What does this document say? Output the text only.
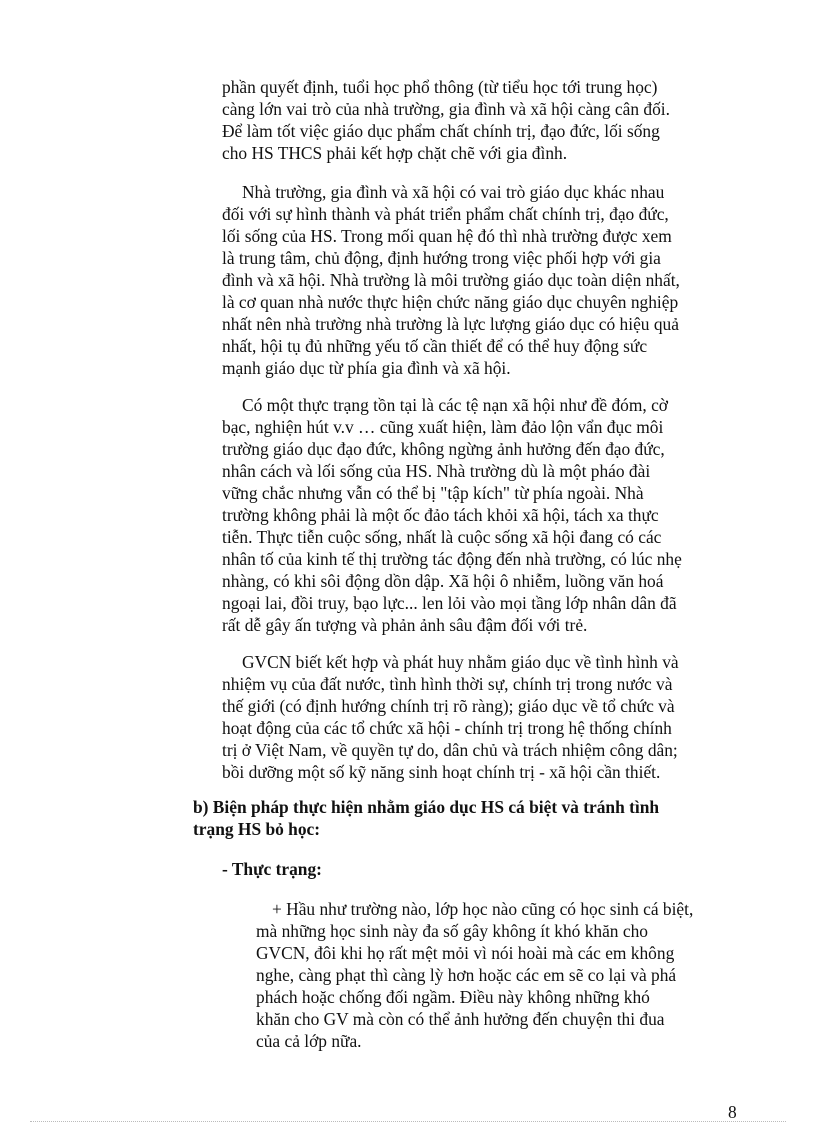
phần quyết định, tuổi học phổ thông (từ tiểu học tới trung học)
càng lớn vai trò của nhà trường, gia đình và xã hội càng cân đối.
Để làm tốt việc giáo dục phẩm chất chính trị, đạo đức, lối sống
cho HS THCS phải kết hợp chặt chẽ với gia đình.

Nhà trường, gia đình và xã hội có vai trò giáo dục khác nhau
đối với sự hình thành và phát triển phẩm chất chính trị, đạo đức,
lối sống của HS. Trong mối quan hệ đó thì nhà trường được xem
là trung tâm, chủ động, định hướng trong việc phối hợp với gia
đình và xã hội. Nhà trường là môi trường giáo dục toàn diện nhất,
là cơ quan nhà nước thực hiện chức năng giáo dục chuyên nghiệp
nhất nên nhà trường nhà trường là lực lượng giáo dục có hiệu quả
nhất, hội tụ đủ những yếu tố cần thiết để có thể huy động sức
mạnh giáo dục từ phía gia đình và xã hội.

Có một thực trạng tồn tại là các tệ nạn xã hội như đề đóm, cờ
bạc, nghiện hút v.v … cũng xuất hiện, làm đảo lộn vẩn đục môi
trường giáo dục đạo đức, không ngừng ảnh hưởng đến đạo đức,
nhân cách và lối sống của HS. Nhà trường dù là một pháo đài
vững chắc nhưng vẫn có thể bị "tập kích" từ phía ngoài. Nhà
trường không phải là một ốc đảo tách khỏi xã hội, tách xa thực
tiễn. Thực tiễn cuộc sống, nhất là cuộc sống xã hội đang có các
nhân tố của kinh tế thị trường tác động đến nhà trường, có lúc nhẹ
nhàng, có khi sôi động dồn dập. Xã hội ô nhiễm, luồng văn hoá
ngoại lai, đồi truy, bạo lực... len lỏi vào mọi tầng lớp nhân dân đã
rất dễ gây ấn tượng và phản ảnh sâu đậm đối với trẻ.

GVCN biết kết hợp và phát huy nhằm giáo dục về tình hình và
nhiệm vụ của đất nước, tình hình thời sự, chính trị trong nước và
thế giới (có định hướng chính trị rõ ràng); giáo dục về tổ chức và
hoạt động của các tổ chức xã hội - chính trị trong hệ thống chính
trị ở Việt Nam, về quyền tự do, dân chủ và trách nhiệm công dân;
bồi dưỡng một số kỹ năng sinh hoạt chính trị - xã hội cần thiết.

b) Biện pháp thực hiện nhằm giáo dục HS cá biệt và tránh tình
trạng HS bỏ học:

- Thực trạng:

+ Hầu như trường nào, lớp học nào cũng có học sinh cá biệt,
mà những học sinh này đa số gây không ít khó khăn cho
GVCN, đôi khi họ rất mệt mỏi vì nói hoài mà các em không
nghe, càng phạt thì càng lỳ hơn hoặc các em sẽ co lại và phá
phách hoặc chống đối ngầm. Điều này không những khó
khăn cho GV mà còn có thể ảnh hưởng đến chuyện thi đua
của cả lớp nữa.

8
